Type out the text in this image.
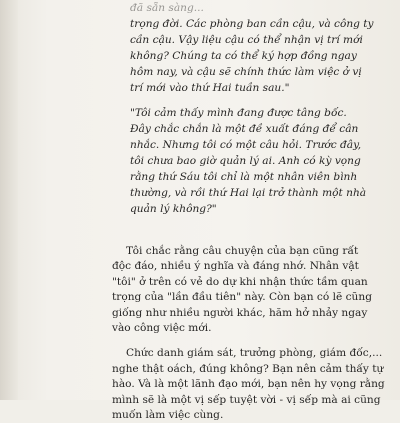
đã sẵn sàng...
trọng đời. Các phòng ban cần cậu, và công ty
cần cậu. Vậy liệu cậu có thể nhận vị trí mới
không? Chúng ta có thể ký hợp đồng ngay
hôm nay, và cậu sẽ chính thức làm việc ở vị
trí mới vào thứ Hai tuần sau."
"Tôi cảm thấy mình đang được tâng bốc.
Đây chắc chắn là một đề xuất đáng để cân
nhắc. Nhưng tôi có một câu hỏi. Trước đây,
tôi chưa bao giờ quản lý ai. Anh có kỳ vọng
rằng thứ Sáu tôi chỉ là một nhân viên bình
thường, và rồi thứ Hai lại trở thành một nhà
quản lý không?"
Tôi chắc rằng câu chuyện của bạn cũng rất
độc đáo, nhiều ý nghĩa và đáng nhớ. Nhân vật
"tôi" ở trên có vẻ do dự khi nhận thức tầm quan
trọng của "lần đầu tiên" này. Còn bạn có lẽ cũng
giống như nhiều người khác, hăm hở nhảy ngay
vào công việc mới.
Chức danh giám sát, trưởng phòng, giám đốc,...
nghe thật oách, đúng không? Bạn nên cảm thấy tự
hào. Và là một lãnh đạo mới, bạn nên hy vọng rằng
mình sẽ là một vị sếp tuyệt vời - vị sếp mà ai cũng
muốn làm việc cùng.
